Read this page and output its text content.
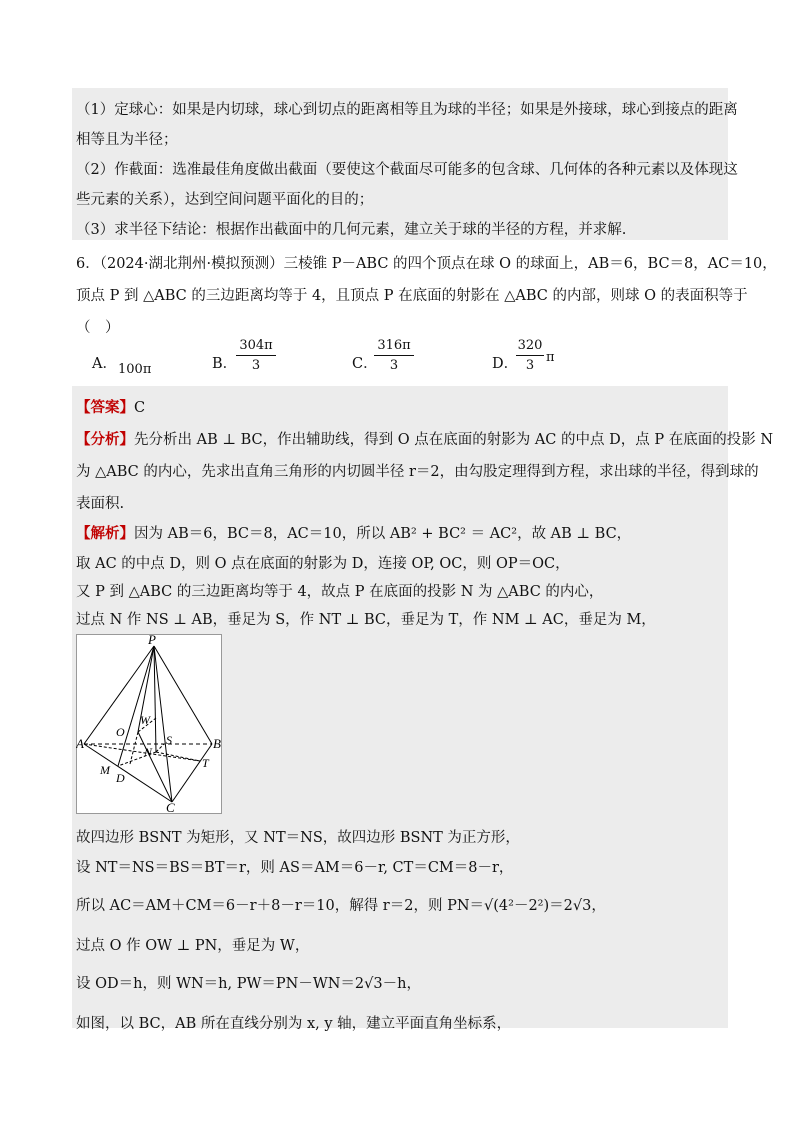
（1）定球心：如果是内切球，球心到切点的距离相等且为球的半径；如果是外接球，球心到接点的距离
相等且为半径；
（2）作截面：选准最佳角度做出截面（要使这个截面尽可能多的包含球、几何体的各种元素以及体现这
些元素的关系），达到空间问题平面化的目的；
（3）求半径下结论：根据作出截面中的几何元素，建立关于球的半径的方程，并求解.
6．（2024·湖北荆州·模拟预测）三棱锥 P－ABC 的四个顶点在球 O 的球面上，AB＝6，BC＝8，AC＝10，
顶点 P 到 △ABC 的三边距离均等于 4，且顶点 P 在底面的射影在 △ABC 的内部，则球 O 的表面积等于
（　）
A． 100π	B．
304π
3	C．
316π
3	D．
320
3
π
【答案】C
【分析】先分析出 AB ⊥ BC，作出辅助线，得到 O 点在底面的射影为 AC 的中点 D，点 P 在底面的投影 N
为 △ABC 的内心，先求出直角三角形的内切圆半径 r＝2，由勾股定理得到方程，求出球的半径，得到球的
表面积.
【解析】因为 AB＝6，BC＝8，AC＝10，所以 AB² + BC² ＝ AC²，故 AB ⊥ BC，
取 AC 的中点 D，则 O 点在底面的射影为 D，连接 OP, OC，则 OP＝OC，
又 P 到 △ABC 的三边距离均等于 4，故点 P 在底面的投影 N 为 △ABC 的内心，
过点 N 作 NS ⊥ AB，垂足为 S，作 NT ⊥ BC，垂足为 T，作 NM ⊥ AC，垂足为 M，
P
W
O
S
A	B
N
M
D
T
C
故四边形 BSNT 为矩形，又 NT＝NS，故四边形 BSNT 为正方形，
设 NT＝NS＝BS＝BT＝r，则 AS＝AM＝6－r, CT＝CM＝8－r，
所以 AC＝AM＋CM＝6－r＋8－r＝10，解得 r＝2，则 PN＝√(4²－2²)＝2√3，
过点 O 作 OW ⊥ PN，垂足为 W，
设 OD＝h，则 WN＝h, PW＝PN－WN＝2√3－h，
如图，以 BC，AB 所在直线分别为 x, y 轴，建立平面直角坐标系，
